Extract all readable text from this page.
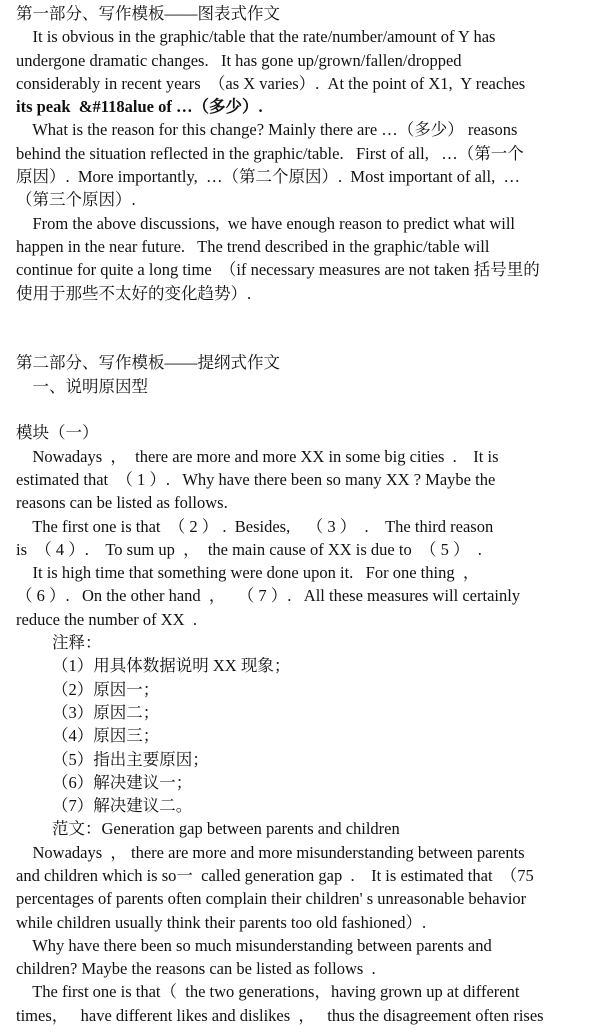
第一部分、写作模板——图表式作文
It is obvious in the graphic/table that the rate/number/amount of Y has
undergone dramatic changes.   It has gone up/grown/fallen/dropped
considerably in recent years  （as X varies）.  At the point of X1,  Y reaches
its peak  &#118alue of …（多少）.
What is the reason for this change? Mainly there are …（多少） reasons
behind the situation reflected in the graphic/table.   First of all,   …（第一个
原因）.  More importantly,  …（第二个原因）.  Most important of all,  …
（第三个原因）.
From the above discussions,  we have enough reason to predict what will
happen in the near future.   The trend described in the graphic/table will
continue for quite a long time  （if necessary measures are not taken 括号里的
使用于那些不太好的变化趋势）.
第二部分、写作模板——提纲式作文
一、说明原因型
模块（一）
Nowadays  ，  there are more and more XX in some big cities  .    It is
estimated that  （ 1 ）.   Why have there been so many XX ? Maybe the
reasons can be listed as follows.
The first one is that  （ 2 ） .  Besides,    （ 3 ）  .    The third reason
is  （ 4 ）.    To sum up  ，  the main cause of XX is due to  （ 5 ）  .
It is high time that something were done upon it.   For one thing  ，
（ 6 ）.   On the other hand  ，   （ 7 ）.   All these measures will certainly
reduce the number of XX  .
注释：
（1）用具体数据说明 XX 现象；
（2）原因一；
（3）原因二；
（4）原因三；
（5）指出主要原因；
（6）解决建议一；
（7）解决建议二。
范文：Generation gap between parents and children
Nowadays  ， there are more and more misunderstanding between parents
and children which is so一  called generation gap  .    It is estimated that  （75
percentages of parents often complain their children' s unreasonable behavior
while children usually think their parents too old fashioned）.
Why have there been so much misunderstanding between parents and
children? Maybe the reasons can be listed as follows  .
The first one is that（  the two generations，having grown up at different
times，   have different likes and dislikes  ，   thus the disagreement often rises
